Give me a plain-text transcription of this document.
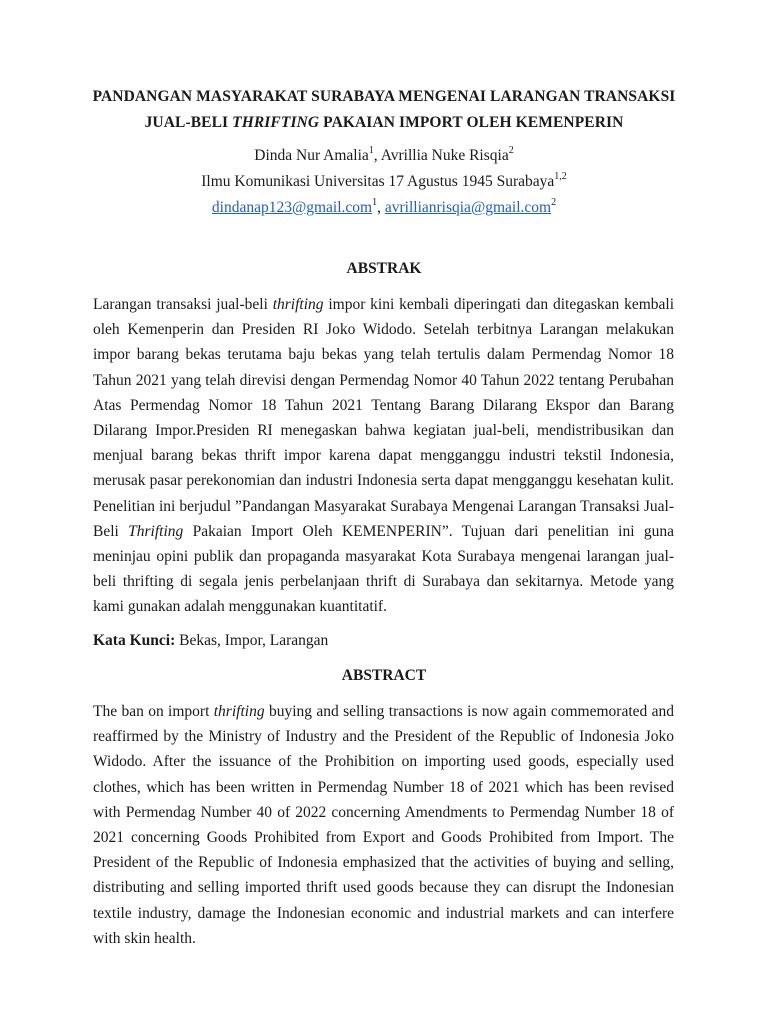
PANDANGAN MASYARAKAT SURABAYA MENGENAI LARANGAN TRANSAKSI
JUAL-BELI THRIFTING PAKAIAN IMPORT OLEH KEMENPERIN
Dinda Nur Amalia$^1$, Avrillia Nuke Risqia$^2$
Ilmu Komunikasi Universitas 17 Agustus 1945 Surabaya$^{1,2}$
dindanap123@gmail.com$^1$, avrillianrisqia@gmail.com$^2$
ABSTRAK
Larangan transaksi jual-beli thrifting impor kini kembali diperingati dan ditegaskan kembali oleh Kemenperin dan Presiden RI Joko Widodo. Setelah terbitnya Larangan melakukan impor barang bekas terutama baju bekas yang telah tertulis dalam Permendag Nomor 18 Tahun 2021 yang telah direvisi dengan Permendag Nomor 40 Tahun 2022 tentang Perubahan Atas Permendag Nomor 18 Tahun 2021 Tentang Barang Dilarang Ekspor dan Barang Dilarang Impor.Presiden RI menegaskan bahwa kegiatan jual-beli, mendistribusikan dan menjual barang bekas thrift impor karena dapat mengganggu industri tekstil Indonesia, merusak pasar perekonomian dan industri Indonesia serta dapat mengganggu kesehatan kulit. Penelitian ini berjudul ”Pandangan Masyarakat Surabaya Mengenai Larangan Transaksi Jual-Beli Thrifting Pakaian Import Oleh KEMENPERIN”. Tujuan dari penelitian ini guna meninjau opini publik dan propaganda masyarakat Kota Surabaya mengenai larangan jual-beli thrifting di segala jenis perbelanjaan thrift di Surabaya dan sekitarnya. Metode yang kami gunakan adalah menggunakan kuantitatif.
Kata Kunci: Bekas, Impor, Larangan
ABSTRACT
The ban on import thrifting buying and selling transactions is now again commemorated and reaffirmed by the Ministry of Industry and the President of the Republic of Indonesia Joko Widodo. After the issuance of the Prohibition on importing used goods, especially used clothes, which has been written in Permendag Number 18 of 2021 which has been revised with Permendag Number 40 of 2022 concerning Amendments to Permendag Number 18 of 2021 concerning Goods Prohibited from Export and Goods Prohibited from Import. The President of the Republic of Indonesia emphasized that the activities of buying and selling, distributing and selling imported thrift used goods because they can disrupt the Indonesian textile industry, damage the Indonesian economic and industrial markets and can interfere with skin health.
